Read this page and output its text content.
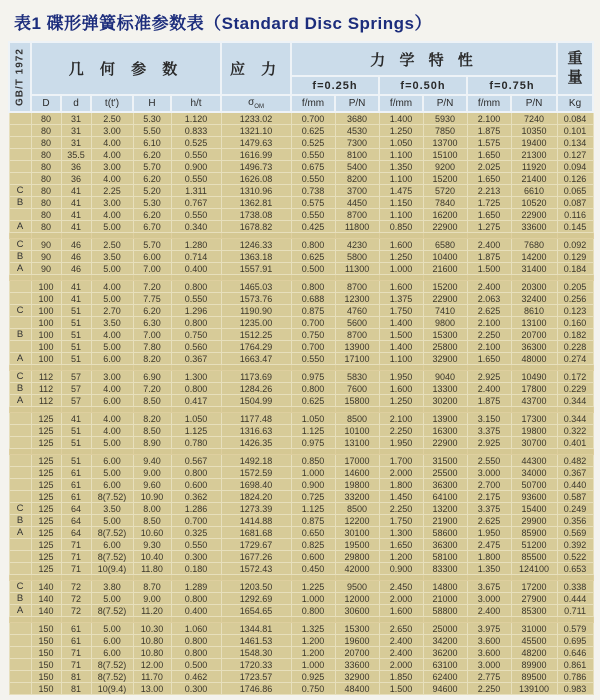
表1 碟形弹簧标准参数表（Standard Disc Springs）
GB/T 1972	几 何 参 数					应 力	力 学 特 性						重
量

							f=0.25h		f=0.50h		f=0.75h		
	D	d	t(t')	H	h/t	$\sigma_{OM}$	f/mm	P/N	f/mm	P/N	f/mm	P/N	Kg
	80	31	2.50	5.30	1.120	1233.02	0.700	3680	1.400	5930	2.100	7240	0.084
	80	31	3.00	5.50	0.833	1321.10	0.625	4530	1.250	7850	1.875	10350	0.101
	80	31	4.00	6.10	0.525	1479.63	0.525	7300	1.050	13700	1.575	19400	0.134
	80	35.5	4.00	6.20	0.550	1616.99	0.550	8100	1.100	15100	1.650	21300	0.127
	80	36	3.00	5.70	0.900	1496.73	0.675	5400	1.350	9200	2.025	11920	0.094
	80	36	4.00	6.20	0.550	1626.08	0.550	8200	1.100	15200	1.650	21400	0.126
C	80	41	2.25	5.20	1.311	1310.96	0.738	3700	1.475	5720	2.213	6610	0.065
B	80	41	3.00	5.30	0.767	1362.81	0.575	4450	1.150	7840	1.725	10520	0.087
	80	41	4.00	6.20	0.550	1738.08	0.550	8700	1.100	16200	1.650	22900	0.116
A	80	41	5.00	6.70	0.340	1678.82	0.425	11800	0.850	22900	1.275	33600	0.145

C	90	46	2.50	5.70	1.280	1246.33	0.800	4230	1.600	6580	2.400	7680	0.092
B	90	46	3.50	6.00	0.714	1363.18	0.625	5800	1.250	10400	1.875	14200	0.129
A	90	46	5.00	7.00	0.400	1557.91	0.500	11300	1.000	21600	1.500	31400	0.184

	100	41	4.00	7.20	0.800	1465.03	0.800	8700	1.600	15200	2.400	20300	0.205
	100	41	5.00	7.75	0.550	1573.76	0.688	12300	1.375	22900	2.063	32400	0.256
C	100	51	2.70	6.20	1.296	1190.90	0.875	4760	1.750	7410	2.625	8610	0.123
	100	51	3.50	6.30	0.800	1235.00	0.700	5600	1.400	9800	2.100	13100	0.160
B	100	51	4.00	7.00	0.750	1512.25	0.750	8700	1.500	15300	2.250	20700	0.182
	100	51	5.00	7.80	0.560	1764.29	0.700	13900	1.400	25800	2.100	36300	0.228
A	100	51	6.00	8.20	0.367	1663.47	0.550	17100	1.100	32900	1.650	48000	0.274

C	112	57	3.00	6.90	1.300	1173.69	0.975	5830	1.950	9040	2.925	10490	0.172
B	112	57	4.00	7.20	0.800	1284.26	0.800	7600	1.600	13300	2.400	17800	0.229
A	112	57	6.00	8.50	0.417	1504.99	0.625	15800	1.250	30200	1.875	43700	0.344

	125	41	4.00	8.20	1.050	1177.48	1.050	8500	2.100	13900	3.150	17300	0.344
	125	51	4.00	8.50	1.125	1316.63	1.125	10100	2.250	16300	3.375	19800	0.322
	125	51	5.00	8.90	0.780	1426.35	0.975	13100	1.950	22900	2.925	30700	0.401

	125	51	6.00	9.40	0.567	1492.18	0.850	17000	1.700	31500	2.550	44300	0.482
	125	61	5.00	9.00	0.800	1572.59	1.000	14600	2.000	25500	3.000	34000	0.367
	125	61	6.00	9.60	0.600	1698.40	0.900	19800	1.800	36300	2.700	50700	0.440
	125	61	8(7.52)	10.90	0.362	1824.20	0.725	33200	1.450	64100	2.175	93600	0.587
C	125	64	3.50	8.00	1.286	1273.39	1.125	8500	2.250	13200	3.375	15400	0.249
B	125	64	5.00	8.50	0.700	1414.88	0.875	12200	1.750	21900	2.625	29900	0.356
A	125	64	8(7.52)	10.60	0.325	1681.68	0.650	30100	1.300	58600	1.950	85900	0.569
	125	71	6.00	9.30	0.550	1729.67	0.825	19500	1.650	36300	2.475	51200	0.392
	125	71	8(7.52)	10.40	0.300	1677.26	0.600	29800	1.200	58100	1.800	85500	0.522
	125	71	10(9.4)	11.80	0.180	1572.43	0.450	42000	0.900	83300	1.350	124100	0.653

C	140	72	3.80	8.70	1.289	1203.50	1.225	9500	2.450	14800	3.675	17200	0.338
B	140	72	5.00	9.00	0.800	1292.69	1.000	12000	2.000	21000	3.000	27900	0.444
A	140	72	8(7.52)	11.20	0.400	1654.65	0.800	30600	1.600	58800	2.400	85300	0.711

	150	61	5.00	10.30	1.060	1344.81	1.325	15300	2.650	25000	3.975	31000	0.579
	150	61	6.00	10.80	0.800	1461.53	1.200	19600	2.400	34200	3.600	45500	0.695
	150	71	6.00	10.80	0.800	1548.30	1.200	20700	2.400	36200	3.600	48200	0.646
	150	71	8(7.52)	12.00	0.500	1720.33	1.000	33600	2.000	63100	3.000	89900	0.861
	150	81	8(7.52)	11.70	0.462	1723.57	0.925	32900	1.850	62400	2.775	89500	0.786
	150	81	10(9.4)	13.00	0.300	1746.86	0.750	48400	1.500	94600	2.250	139100	0.983
